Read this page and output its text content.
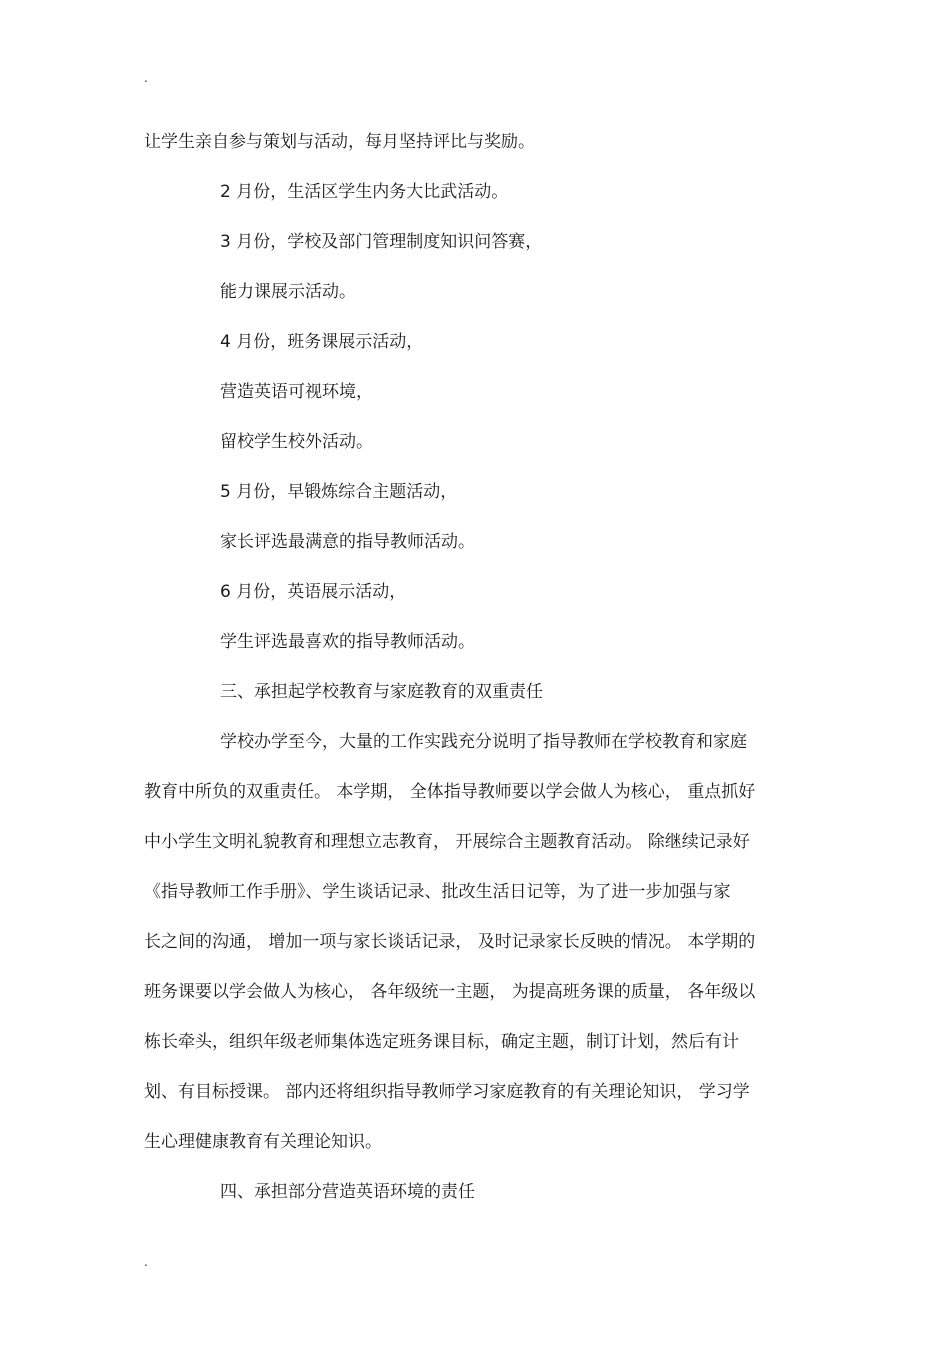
.
让学生亲自参与策划与活动，每月坚持评比与奖励。
2 月份，生活区学生内务大比武活动。
3 月份，学校及部门管理制度知识问答赛，
能力课展示活动。
4 月份，班务课展示活动，
营造英语可视环境，
留校学生校外活动。
5 月份，早锻炼综合主题活动，
家长评选最满意的指导教师活动。
6 月份，英语展示活动，
学生评选最喜欢的指导教师活动。
三、承担起学校教育与家庭教育的双重责任
学校办学至今，大量的工作实践充分说明了指导教师在学校教育和家庭
教育中所负的双重责任。 本学期， 全体指导教师要以学会做人为核心， 重点抓好
中小学生文明礼貌教育和理想立志教育， 开展综合主题教育活动。 除继续记录好
《指导教师工作手册》、学生谈话记录、批改生活日记等，为了进一步加强与家
长之间的沟通， 增加一项与家长谈话记录， 及时记录家长反映的情况。 本学期的
班务课要以学会做人为核心， 各年级统一主题， 为提高班务课的质量， 各年级以
栋长牵头，组织年级老师集体选定班务课目标，确定主题，制订计划，然后有计
划、有目标授课。 部内还将组织指导教师学习家庭教育的有关理论知识， 学习学
生心理健康教育有关理论知识。
四、承担部分营造英语环境的责任
.
